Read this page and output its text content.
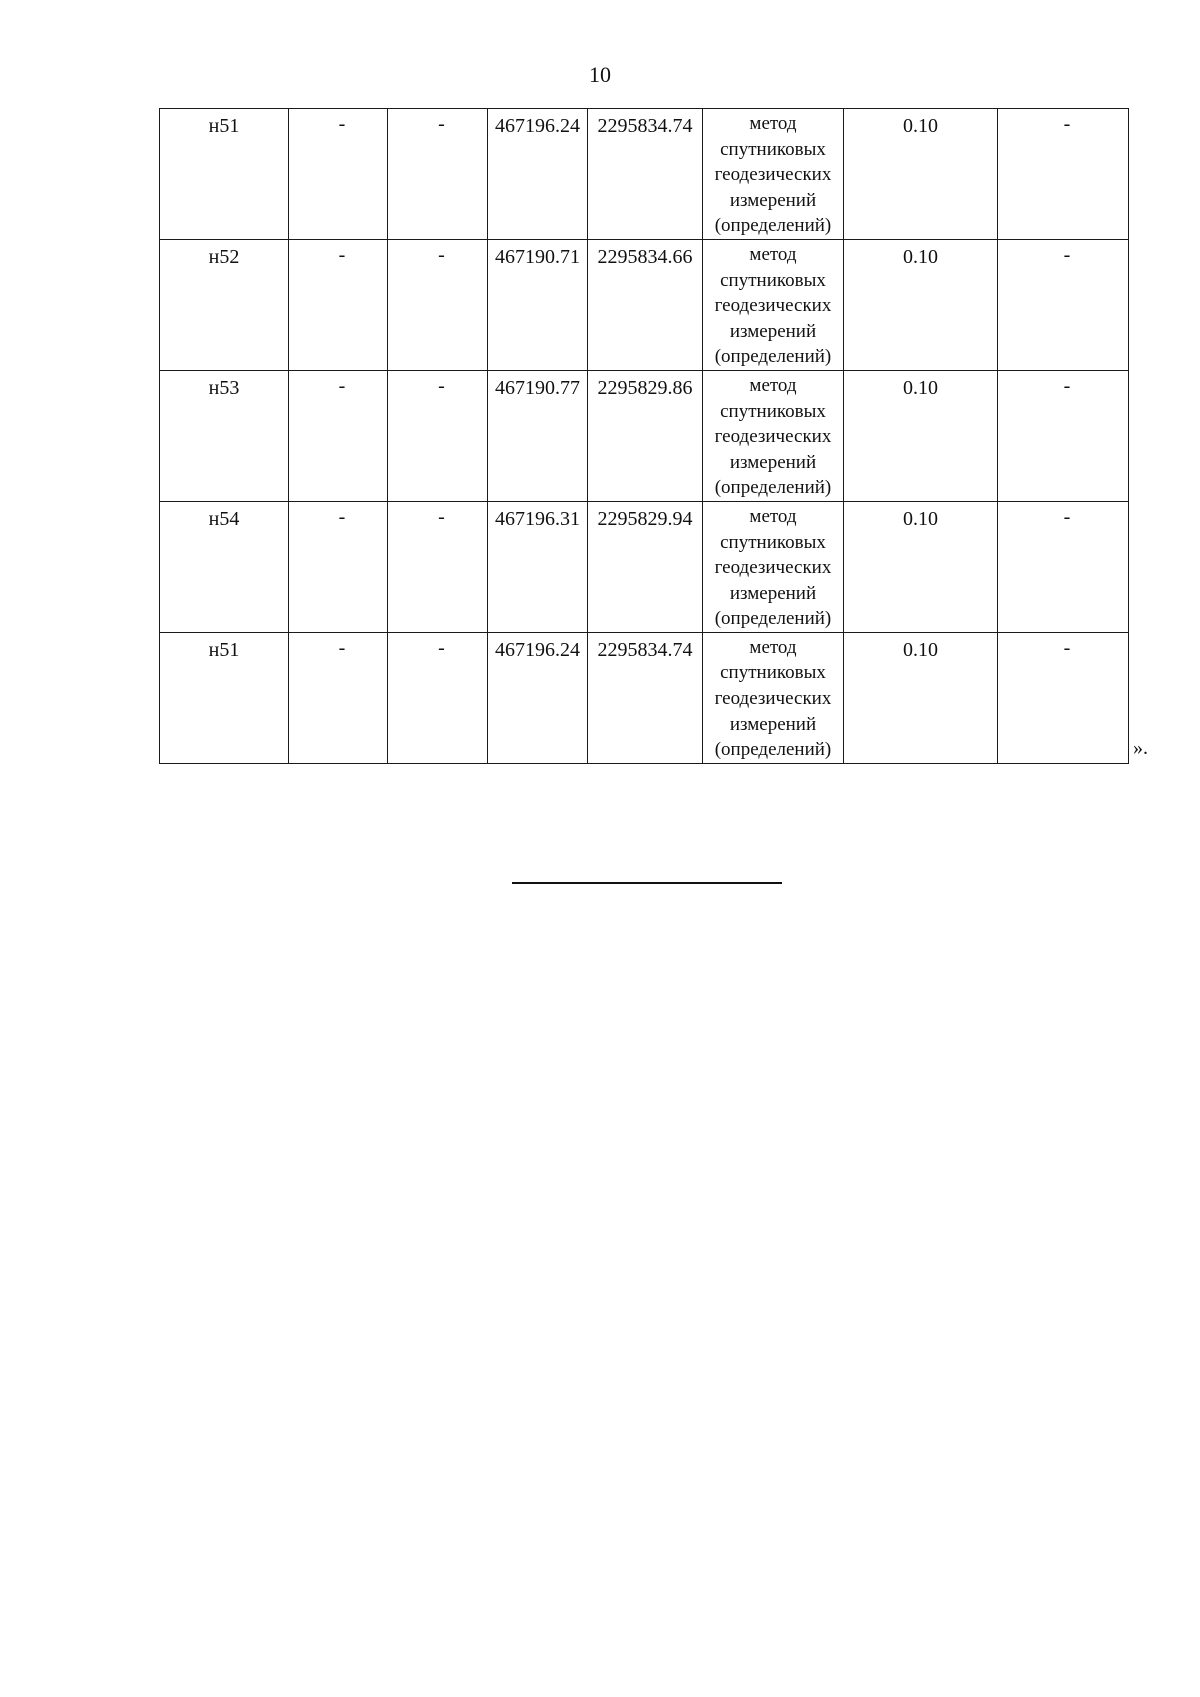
10
н51	-	-	467196.24	2295834.74	метод
спутниковых
геодезических
измерений
(определений)	0.10	-

н52	-	-	467190.71	2295834.66	метод
спутниковых
геодезических
измерений
(определений)	0.10	-

н53	-	-	467190.77	2295829.86	метод
спутниковых
геодезических
измерений
(определений)	0.10	-

н54	-	-	467196.31	2295829.94	метод
спутниковых
геодезических
измерений
(определений)	0.10	-

н51	-	-	467196.24	2295834.74	метод
спутниковых
геодезических
измерений
(определений)	0.10	-
».
